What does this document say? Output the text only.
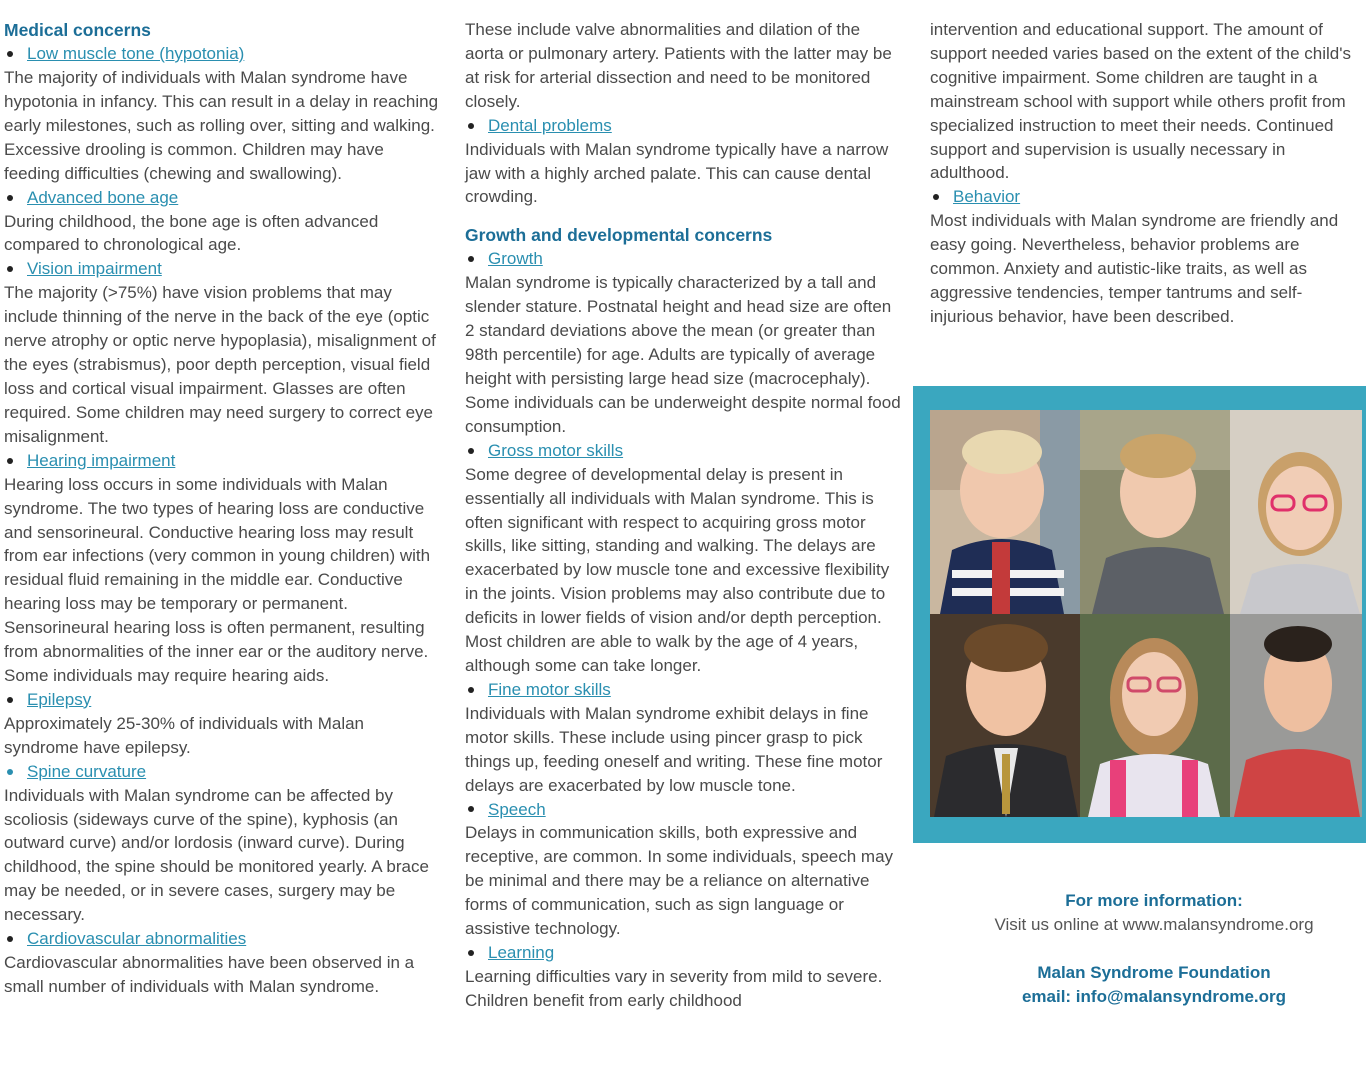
Medical concerns
Low muscle tone (hypotonia)

The majority of individuals with Malan syndrome have hypotonia in infancy. This can result in a delay in reaching early milestones, such as rolling over, sitting and walking. Excessive drooling is common. Children may have feeding difficulties (chewing and swallowing).

Advanced bone age

During childhood, the bone age is often advanced compared to chronological age.

Vision impairment

The majority (>75%) have vision problems that may include thinning of the nerve in the back of the eye (optic nerve atrophy or optic nerve hypoplasia), misalignment of the eyes (strabismus), poor depth perception, visual field loss and cortical visual impairment. Glasses are often required. Some children may need surgery to correct eye misalignment.

Hearing impairment

Hearing loss occurs in some individuals with Malan syndrome. The two types of hearing loss are conductive and sensorineural. Conductive hearing loss may result from ear infections (very common in young children) with residual fluid remaining in the middle ear. Conductive hearing loss may be temporary or permanent. Sensorineural hearing loss is often permanent, resulting from abnormalities of the inner ear or the auditory nerve. Some individuals may require hearing aids.

Epilepsy

Approximately 25-30% of individuals with Malan syndrome have epilepsy.

Spine curvature

Individuals with Malan syndrome can be affected by scoliosis (sideways curve of the spine), kyphosis (an outward curve) and/or lordosis (inward curve). During childhood, the spine should be monitored yearly. A brace may be needed, or in severe cases, surgery may be necessary.

Cardiovascular abnormalities

Cardiovascular abnormalities have been observed in a small number of individuals with Malan syndrome.

These include valve abnormalities and dilation of the aorta or pulmonary artery. Patients with the latter may be at risk for arterial dissection and need to be monitored closely.

Dental problems

Individuals with Malan syndrome typically have a narrow jaw with a highly arched palate. This can cause dental crowding.

Growth and developmental concerns
Growth

Malan syndrome is typically characterized by a tall and slender stature. Postnatal height and head size are often 2 standard deviations above the mean (or greater than 98th percentile) for age. Adults are typically of average height with persisting large head size (macrocephaly). Some individuals can be underweight despite normal food consumption.

Gross motor skills

Some degree of developmental delay is present in essentially all individuals with Malan syndrome. This is often significant with respect to acquiring gross motor skills, like sitting, standing and walking. The delays are exacerbated by low muscle tone and excessive flexibility in the joints. Vision problems may also contribute due to deficits in lower fields of vision and/or depth perception. Most children are able to walk by the age of 4 years, although some can take longer.

Fine motor skills

Individuals with Malan syndrome exhibit delays in fine motor skills. These include using pincer grasp to pick things up, feeding oneself and writing. These fine motor delays are exacerbated by low muscle tone.

Speech

Delays in communication skills, both expressive and receptive, are common. In some individuals, speech may be minimal and there may be a reliance on alternative forms of communication, such as sign language or assistive technology.

Learning

Learning difficulties vary in severity from mild to severe. Children benefit from early childhood

intervention and educational support. The amount of support needed varies based on the extent of the child's cognitive impairment. Some children are taught in a mainstream school with support while others profit from specialized instruction to meet their needs. Continued support and supervision is usually necessary in adulthood.

Behavior

Most individuals with Malan syndrome are friendly and easy going. Nevertheless, behavior problems are common. Anxiety and autistic-like traits, as well as aggressive tendencies, temper tantrums and self-injurious behavior, have been described.

For more information:
Visit us online at www.malansyndrome.org
Malan Syndrome Foundation
email: info@malansyndrome.org
